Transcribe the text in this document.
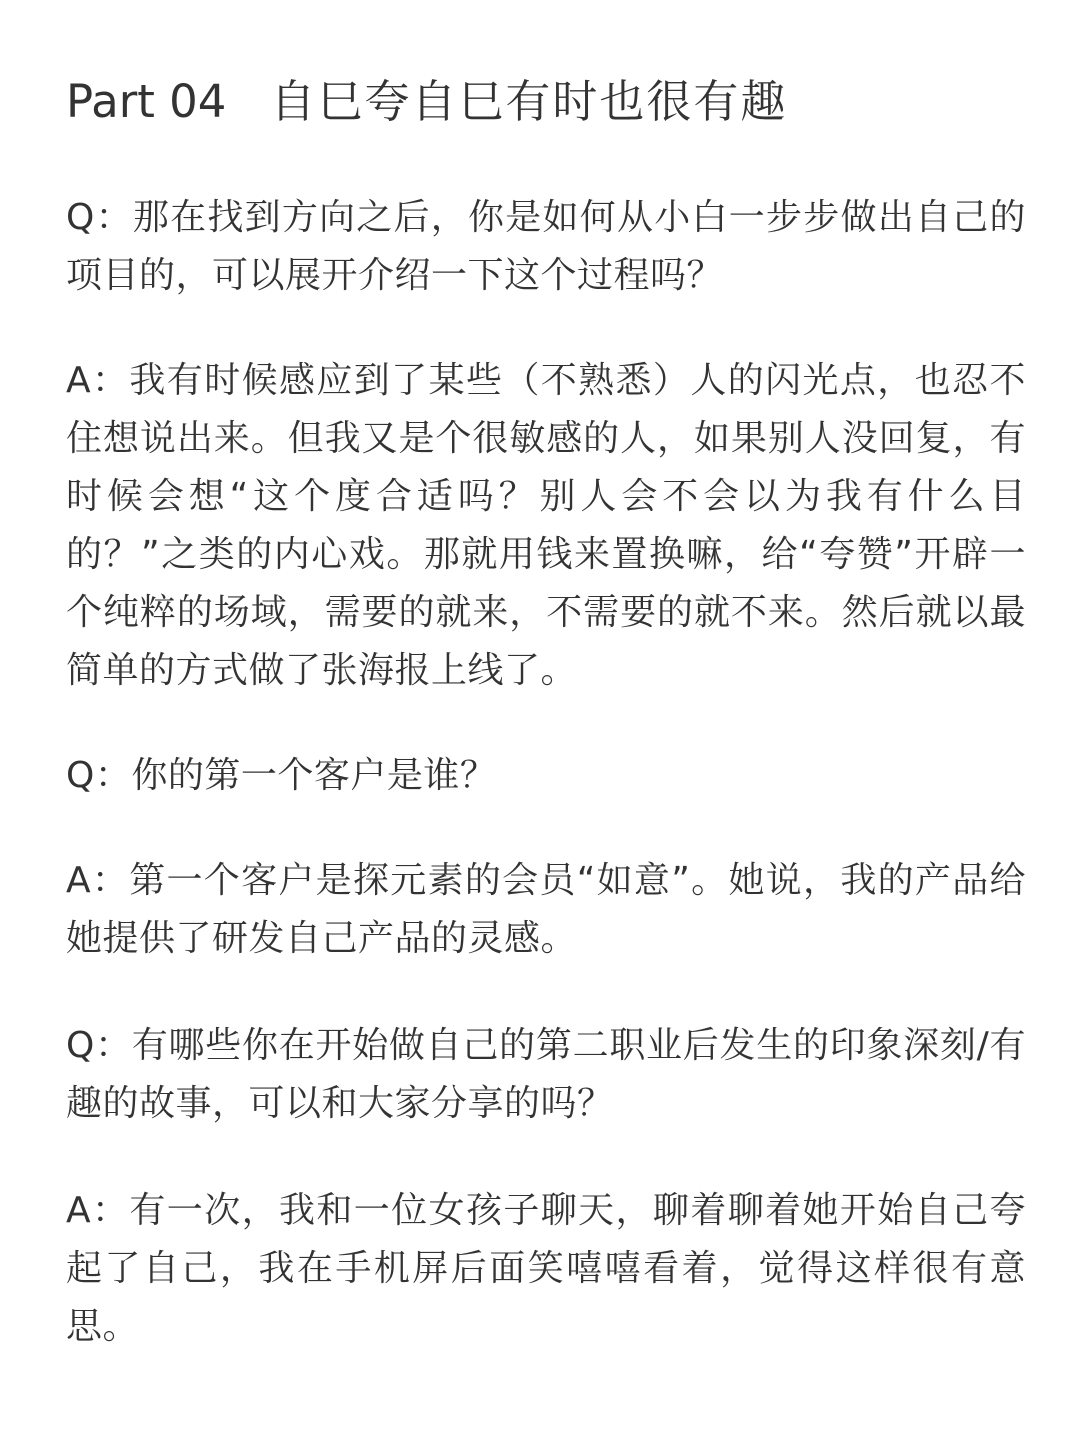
Part 04 自巳夸自巳有时也很有趣

Q：那在找到方向之后，你是如何从小白一步步做出自己的项目的，可以展开介绍一下这个过程吗？

A：我有时候感应到了某些（不熟悉）人的闪光点，也忍不住想说出来。但我又是个很敏感的人，如果别人没回复，有时候会想“这个度合适吗？别人会不会以为我有什么目的？”之类的内心戏。那就用钱来置换嘛，给“夸赞”开辟一个纯粹的场域，需要的就来，不需要的就不来。然后就以最简单的方式做了张海报上线了。

Q：你的第一个客户是谁？

A：第一个客户是探元素的会员“如意”。她说，我的产品给她提供了研发自己产品的灵感。

Q：有哪些你在开始做自己的第二职业后发生的印象深刻/有趣的故事，可以和大家分享的吗？

A：有一次，我和一位女孩子聊天，聊着聊着她开始自己夸起了自己，我在手机屏后面笑嘻嘻看着，觉得这样很有意思。
